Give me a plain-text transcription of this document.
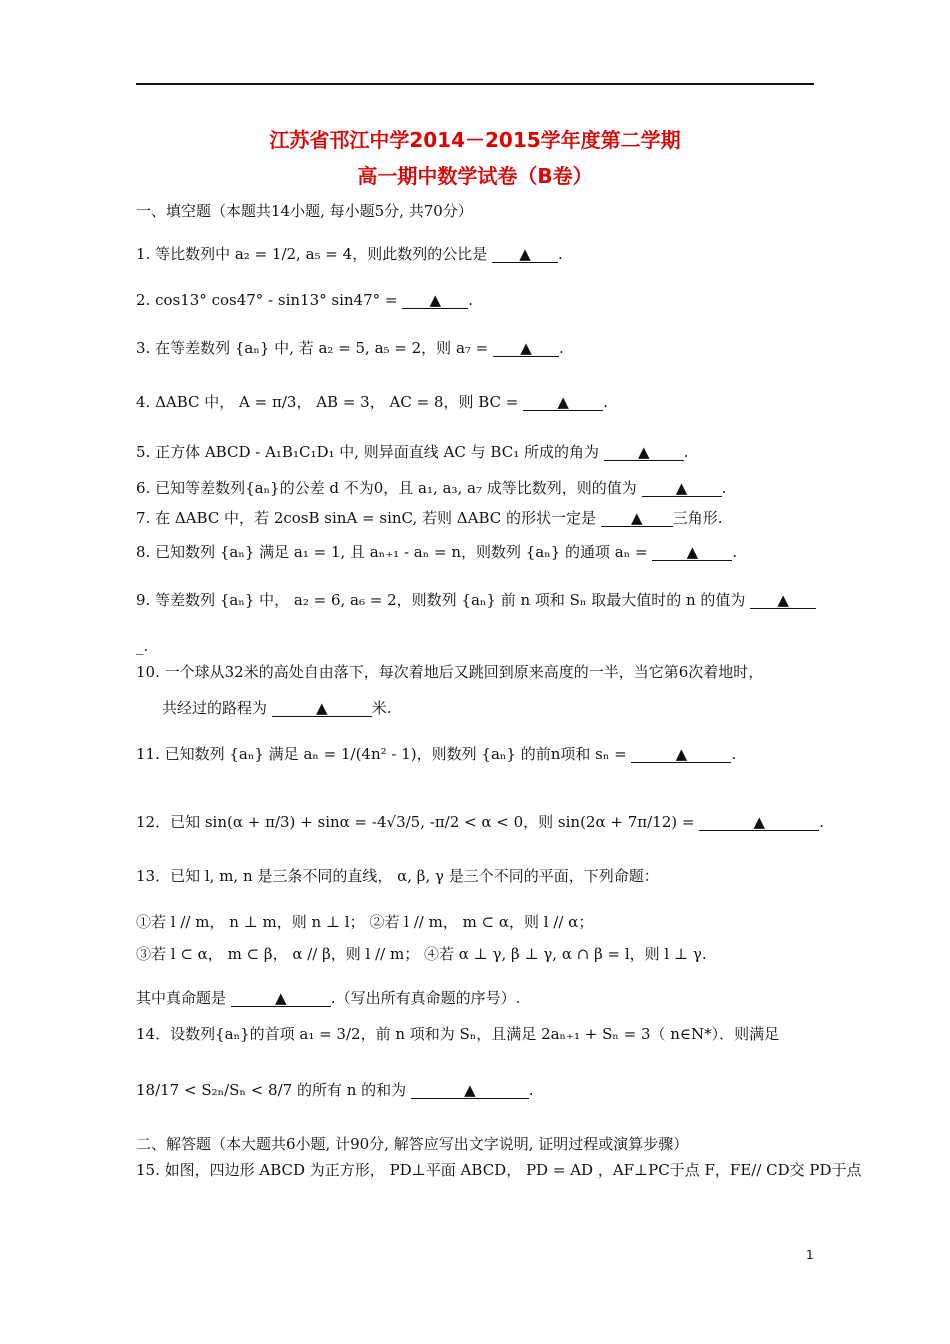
江苏省邗江中学2014－2015学年度第二学期
高一期中数学试卷（B卷）
一、填空题（本题共14小题, 每小题5分, 共70分）
1. 等比数列中 a₂ = 1/2, a₅ = 4，则此数列的公比是 ▲ .
2. cos13° cos47° - sin13° sin47° = ▲ .
3. 在等差数列 {aₙ} 中, 若 a₂ = 5, a₅ = 2，则 a₇ = ▲ .
4. ΔABC 中， A = π/3， AB = 3， AC = 8，则 BC =	▲ .
5. 正方体 ABCD - A₁B₁C₁D₁ 中, 则异面直线 AC 与 BC₁ 所成的角为	▲ .
6. 已知等差数列{aₙ}的公差 d 不为0，且 a₁, a₃, a₇ 成等比数列，则的值为	▲ .
7. 在 ΔABC 中，若 2cosB sinA = sinC, 若则 ΔABC 的形状一定是 ▲ 三角形.
8. 已知数列 {aₙ} 满足 a₁ = 1, 且 aₙ₊₁ - aₙ = n，则数列 {aₙ} 的通项 aₙ =	▲ .
9. 等差数列 {aₙ} 中， a₂ = 6, a₆ = 2，则数列 {aₙ} 前 n 项和 Sₙ 取最大值时的 n 的值为 ▲
_.
10. 一个球从32米的高处自由落下，每次着地后又跳回到原来高度的一半，当它第6次着地时，
共经过的路程为	▲	米.
11. 已知数列 {aₙ} 满足 aₙ = 1/(4n² - 1)，则数列 {aₙ} 的前n项和 sₙ =	▲	.
12．已知 sin(α + π/3) + sinα = -4√3/5, -π/2 < α < 0，则 sin(2α + 7π/12) =	▲	.
13．已知 l, m, n 是三条不同的直线， α, β, γ 是三个不同的平面，下列命题：
①若 l // m， n ⊥ m，则 n ⊥ l； ②若 l // m， m ⊂ α，则 l // α；
③若 l ⊂ α， m ⊂ β， α // β，则 l // m； ④若 α ⊥ γ, β ⊥ γ, α ∩ β = l，则 l ⊥ γ.
其中真命题是	▲	.（写出所有真命题的序号）.
14．设数列{aₙ}的首项 a₁ = 3/2，前 n 项和为 Sₙ，且满足 2aₙ₊₁ + Sₙ = 3（ n∈N*）．则满足
18/17 < S₂ₙ/Sₙ < 8/7 的所有 n 的和为	▲	.
二、解答题（本大题共6小题, 计90分, 解答应写出文字说明, 证明过程或演算步骤）
15. 如图，四边形 ABCD 为正方形， PD⊥平面 ABCD， PD = AD ，AF⊥PC于点 F，FE// CD交 PD于点
1
